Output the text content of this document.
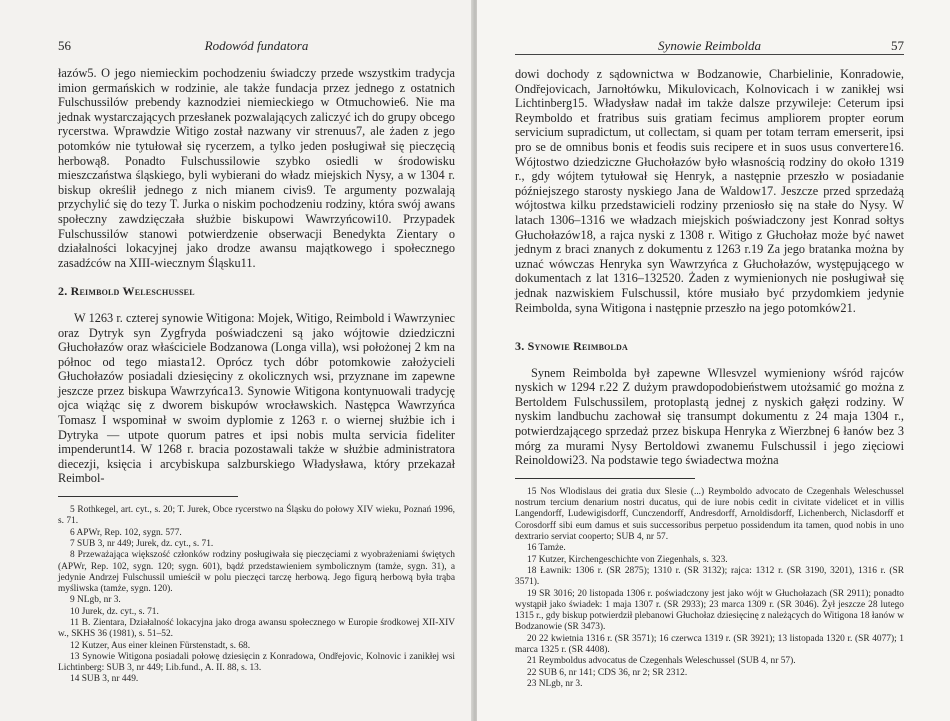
56	Rodowód fundatora

łazów5. O jego niemieckim pochodzeniu świadczy przede wszystkim tradycja imion germańskich w rodzinie, ale także fundacja przez jednego z ostatnich Fulschussilów prebendy kaznodziei niemieckiego w Otmuchowie6. Nie ma jednak wystarczających przesłanek pozwalających zaliczyć ich do grupy obcego rycerstwa. Wprawdzie Witigo został nazwany vir strenuus7, ale żaden z jego potomków nie tytułował się rycerzem, a tylko jeden posługiwał się pieczęcią herbową8. Ponadto Fulschussilowie szybko osiedli w środowisku mieszczaństwa śląskiego, byli wybierani do władz miejskich Nysy, a w 1304 r. biskup określił jednego z nich mianem civis9. Te argumenty pozwalają przychylić się do tezy T. Jurka o niskim pochodzeniu rodziny, która swój awans społeczny zawdzięczała służbie biskupowi Wawrzyńcowi10. Przypadek Fulschussilów stanowi potwierdzenie obserwacji Benedykta Zientary o działalności lokacyjnej jako drodze awansu majątkowego i społecznego zasadźców na XIII-wiecznym Śląsku11.

2. Reimbold Weleschussel

W 1263 r. czterej synowie Witigona: Mojek, Witigo, Reimbold i Wawrzyniec oraz Dytryk syn Zygfryda poświadczeni są jako wójtowie dziedziczni Głuchołazów oraz właściciele Bodzanowa (Longa villa), wsi położonej 2 km na północ od tego miasta12. Oprócz tych dóbr potomkowie założycieli Głuchołazów posiadali dziesięciny z okolicznych wsi, przyznane im zapewne jeszcze przez biskupa Wawrzyńca13. Synowie Witigona kontynuowali tradycję ojca wiążąc się z dworem biskupów wrocławskich. Następca Wawrzyńca Tomasz I wspominał w swoim dyplomie z 1263 r. o wiernej służbie ich i Dytryka — utpote quorum patres et ipsi nobis multa servicia fideliter impenderunt14. W 1268 r. bracia pozostawali także w służbie administratora diecezji, księcia i arcybiskupa salzburskiego Władysława, który przekazał Reimbol-

5 Rothkegel, art. cyt., s. 20; T. Jurek, Obce rycerstwo na Śląsku do połowy XIV wieku, Poznań 1996, s. 71.

6 APWr, Rep. 102, sygn. 577.

7 SUB 3, nr 449; Jurek, dz. cyt., s. 71.

8 Przeważająca większość członków rodziny posługiwała się pieczęciami z wyobrażeniami świętych (APWr, Rep. 102, sygn. 120; sygn. 601), bądź przedstawieniem symbolicznym (tamże, sygn. 31), a jedynie Andrzej Fulschussil umieścił w polu pieczęci tarczę herbową. Jego figurą herbową była trąba myśliwska (tamże, sygn. 120).

9 NLgb, nr 3.

10 Jurek, dz. cyt., s. 71.

11 B. Zientara, Działalność lokacyjna jako droga awansu społecznego w Europie środkowej XII-XIV w., SKHS 36 (1981), s. 51–52.

12 Kutzer, Aus einer kleinen Fürstenstadt, s. 68.

13 Synowie Witigona posiadali połowę dziesięcin z Konradowa, Ondřejovic, Kolnovic i zanikłej wsi Lichtinberg: SUB 3, nr 449; Lib.fund., A. II. 88, s. 13.

14 SUB 3, nr 449.

Synowie Reimbolda	57

dowi dochody z sądownictwa w Bodzanowie, Charbielinie, Konradowie, Ondřejovicach, Jarnołtówku, Mikulovicach, Kolnovicach i w zanikłej wsi Lichtinberg15. Władysław nadał im także dalsze przywileje: Ceterum ipsi Reymboldo et fratribus suis gratiam fecimus ampliorem propter eorum servicium supradictum, ut collectam, si quam per totam terram emerserit, ipsi pro se de omnibus bonis et feodis suis recipere et in suos usus convertere16. Wójtostwo dziedziczne Głuchołazów było własnością rodziny do około 1319 r., gdy wójtem tytułował się Henryk, a następnie przeszło w posiadanie późniejszego starosty nyskiego Jana de Waldow17. Jeszcze przed sprzedażą wójtostwa kilku przedstawicieli rodziny przeniosło się na stałe do Nysy. W latach 1306–1316 we władzach miejskich poświadczony jest Konrad sołtys Głuchołazów18, a rajca nyski z 1308 r. Witigo z Głuchołaz może być nawet jednym z braci znanych z dokumentu z 1263 r.19 Za jego bratanka można by uznać wówczas Henryka syn Wawrzyńca z Głuchołazów, występującego w dokumentach z lat 1316–132520. Żaden z wymienionych nie posługiwał się jednak nazwiskiem Fulschussil, które musiało być przydomkiem jedynie Reimbolda, syna Witigona i następnie przeszło na jego potomków21.

3. Synowie Reimbolda

Synem Reimbolda był zapewne Wllesvzel wymieniony wśród rajców nyskich w 1294 r.22 Z dużym prawdopodobieństwem utożsamić go można z Bertoldem Fulschussilem, protoplastą jednej z nyskich gałęzi rodziny. W nyskim landbuchu zachował się transumpt dokumentu z 24 maja 1304 r., potwierdzającego sprzedaż przez biskupa Henryka z Wierzbnej 6 łanów bez 3 mórg za murami Nysy Bertoldowi zwanemu Fulschussil i jego zięciowi Reinoldowi23. Na podstawie tego świadectwa można

15 Nos Wlodislaus dei gratia dux Slesie (...) Reymboldo advocato de Czegenhals Weleschussel nostrum tercium denarium nostri ducatus, qui de iure nobis cedit in civitate videlicet et in villis Langendorff, Ludewigisdorff, Cunczendorff, Andresdorff, Arnoldisdorff, Lichenberch, Niclasdorff et Corosdorff sibi eum damus et suis successoribus perpetuo possidendum ita tamen, quod nobis in uno dextrario serviat cooperto; SUB 4, nr 57.

16 Tamże.

17 Kutzer, Kirchengeschichte von Ziegenhals, s. 323.

18 Ławnik: 1306 r. (SR 2875); 1310 r. (SR 3132); rajca: 1312 r. (SR 3190, 3201), 1316 r. (SR 3571).

19 SR 3016; 20 listopada 1306 r. poświadczony jest jako wójt w Głuchołazach (SR 2911); ponadto wystąpił jako świadek: 1 maja 1307 r. (SR 2933); 23 marca 1309 r. (SR 3046). Żył jeszcze 28 lutego 1315 r., gdy biskup potwierdził plebanowi Głuchołaz dziesięcinę z należących do Witigona 18 łanów w Bodzanowie (SR 3473).

20 22 kwietnia 1316 r. (SR 3571); 16 czerwca 1319 r. (SR 3921); 13 listopada 1320 r. (SR 4077); 1 marca 1325 r. (SR 4408).

21 Reymboldus advocatus de Czegenhals Weleschussel (SUB 4, nr 57).

22 SUB 6, nr 141; CDS 36, nr 2; SR 2312.

23 NLgb, nr 3.
